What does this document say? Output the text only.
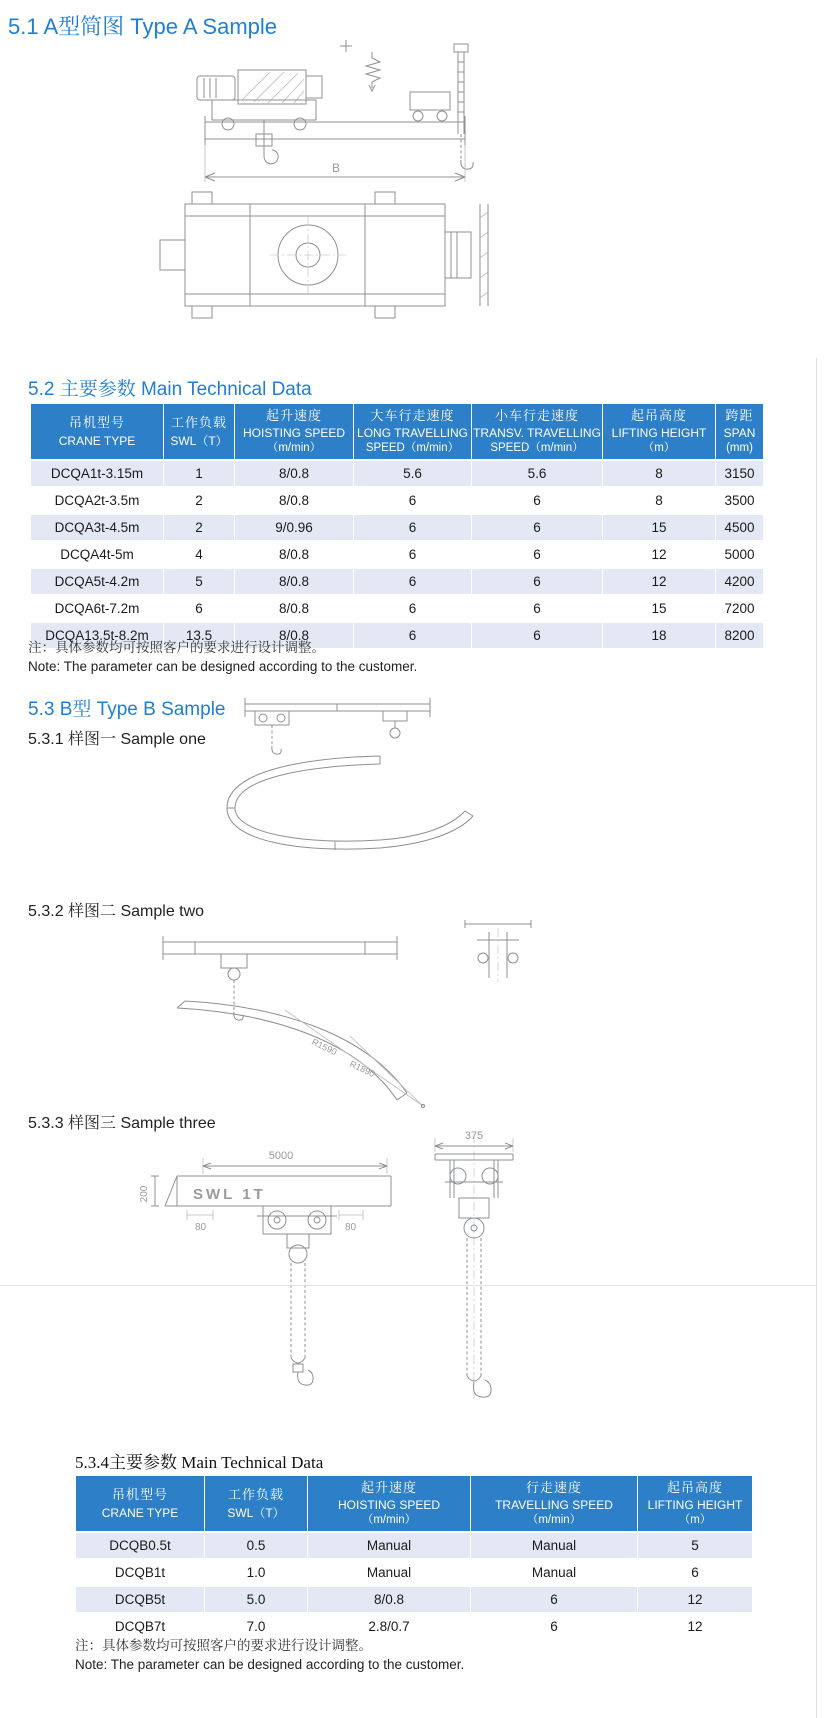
5.1 A型简图 Type A Sample
B
5.2 主要参数 Main Technical Data
吊机型号
CRANE TYPE

工作负载
SWL（T）

起升速度
HOISTING SPEED
（m/min）

大车行走速度
LONG TRAVELLING
SPEED（m/min）

小车行走速度
TRANSV. TRAVELLING
SPEED（m/min）

起吊高度
LIFTING HEIGHT
（m）

跨距
SPAN
(mm)

DCQA1t-3.15m	1	8/0.8	5.6	5.6	8	3150
DCQA2t-3.5m	2	8/0.8	6	6	8	3500
DCQA3t-4.5m	2	9/0.96	6	6	15	4500
DCQA4t-5m	4	8/0.8	6	6	12	5000
DCQA5t-4.2m	5	8/0.8	6	6	12	4200
DCQA6t-7.2m	6	8/0.8	6	6	15	7200
DCQA13.5t-8.2m	13.5	8/0.8	6	6	18	8200
注：具体参数均可按照客户的要求进行设计调整。
Note: The parameter can be designed according to the customer.
5.3 B型 Type B Sample
5.3.1 样图一 Sample one
5.3.2 样图二 Sample two
R1590
R1890
5.3.3 样图三 Sample three
5000
SWL 1T
200
80	80
375
5.3.4主要参数 Main Technical Data
吊机型号
CRANE TYPE

工作负载
SWL（T）

起升速度
HOISTING SPEED
（m/min）

行走速度
TRAVELLING SPEED
（m/min）

起吊高度
LIFTING HEIGHT
（m）

DCQB0.5t	0.5	Manual	Manual	5
DCQB1t	1.0	Manual	Manual	6
DCQB5t	5.0	8/0.8	6	12
DCQB7t	7.0	2.8/0.7	6	12
注：具体参数均可按照客户的要求进行设计调整。
Note: The parameter can be designed according to the customer.
